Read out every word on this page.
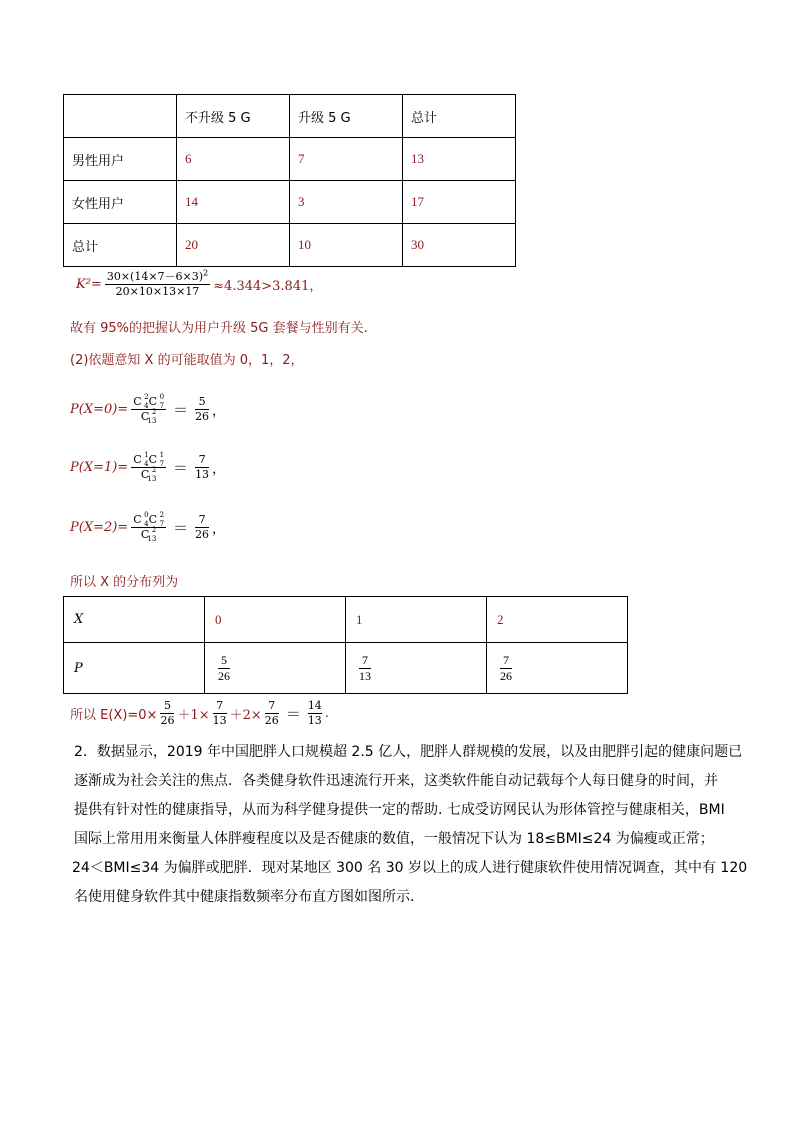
	不升级 5 G	升级 5 G	总计
男性用户	6	7	13
女性用户	14	3	17
总计	20	10	30
$K^2= \frac{30\times(14\times 7-6\times 3)^2}{20\times 10\times 13\times 17} \approx 4.344>3.841$，
故有 95%的把握认为用户升级 5G 套餐与性别有关.
(2)依题意知 X 的可能取值为 0，1，2，
P(X=0)= C 2
4 C 0
7
C 2
$13 = \frac{5}{26}$ ，
P(X=1)= C 1
4 C 1
7
C 2
$13 = \frac{7}{13}$ ，
P(X=2)= C 0
4 C 2
7
C 2
$13 = \frac{7}{26}$ ，
所以 X 的分布列为
X	0	1	2
P	$\frac{5}{26}$	$\frac{7}{13}$	$\frac{7}{26}$
所以 $E(X)=0\times \frac{5}{26} +1\times \frac{7}{13} +2\times \frac{7}{26} = \frac{14}{13}$ .
2．数据显示，2019 年中国肥胖人口规模超 2.5 亿人，肥胖人群规模的发展，以及由肥胖引起的健康问题已
逐渐成为社会关注的焦点．各类健身软件迅速流行开来，这类软件能自动记载每个人每日健身的时间，并
提供有针对性的健康指导，从而为科学健身提供一定的帮助. 七成受访网民认为形体管控与健康相关，BMI
国际上常用用来衡量人体胖瘦程度以及是否健康的数值，一般情况下认为 18≤BMI≤24 为偏瘦或正常；
24＜BMI≤34 为偏胖或肥胖．现对某地区 300 名 30 岁以上的成人进行健康软件使用情况调查，其中有 120
名使用健身软件其中健康指数频率分布直方图如图所示．
